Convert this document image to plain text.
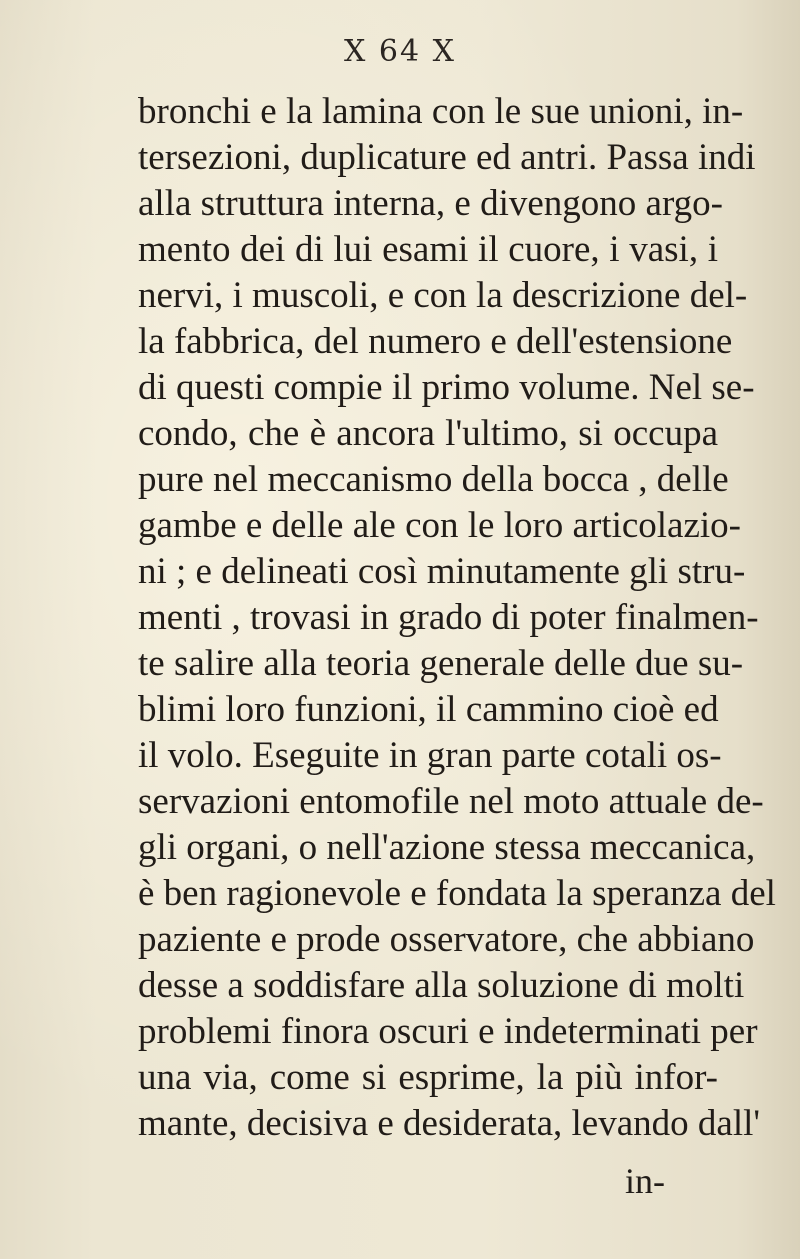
X 64 X
bronchi e la lamina con le sue unioni, in-
tersezioni, duplicature ed antri. Passa indi
alla struttura interna, e divengono argo-
mento dei di lui esami il cuore, i vasi, i
nervi, i muscoli, e con la descrizione del-
la fabbrica, del numero e dell'estensione
di questi compie il primo volume. Nel se-
condo, che è ancora l'ultimo, si occupa
pure nel meccanismo della bocca , delle
gambe e delle ale con le loro articolazio-
ni ; e delineati così minutamente gli stru-
menti , trovasi in grado di poter finalmen-
te salire alla teoria generale delle due su-
blimi loro funzioni, il cammino cioè ed
il volo. Eseguite in gran parte cotali os-
servazioni entomofile nel moto attuale de-
gli organi, o nell'azione stessa meccanica,
è ben ragionevole e fondata la speranza del
paziente e prode osservatore, che abbiano
desse a soddisfare alla soluzione di molti
problemi finora oscuri e indeterminati per
una via, come si esprime, la più infor-
mante, decisiva e desiderata, levando dall'
in-
